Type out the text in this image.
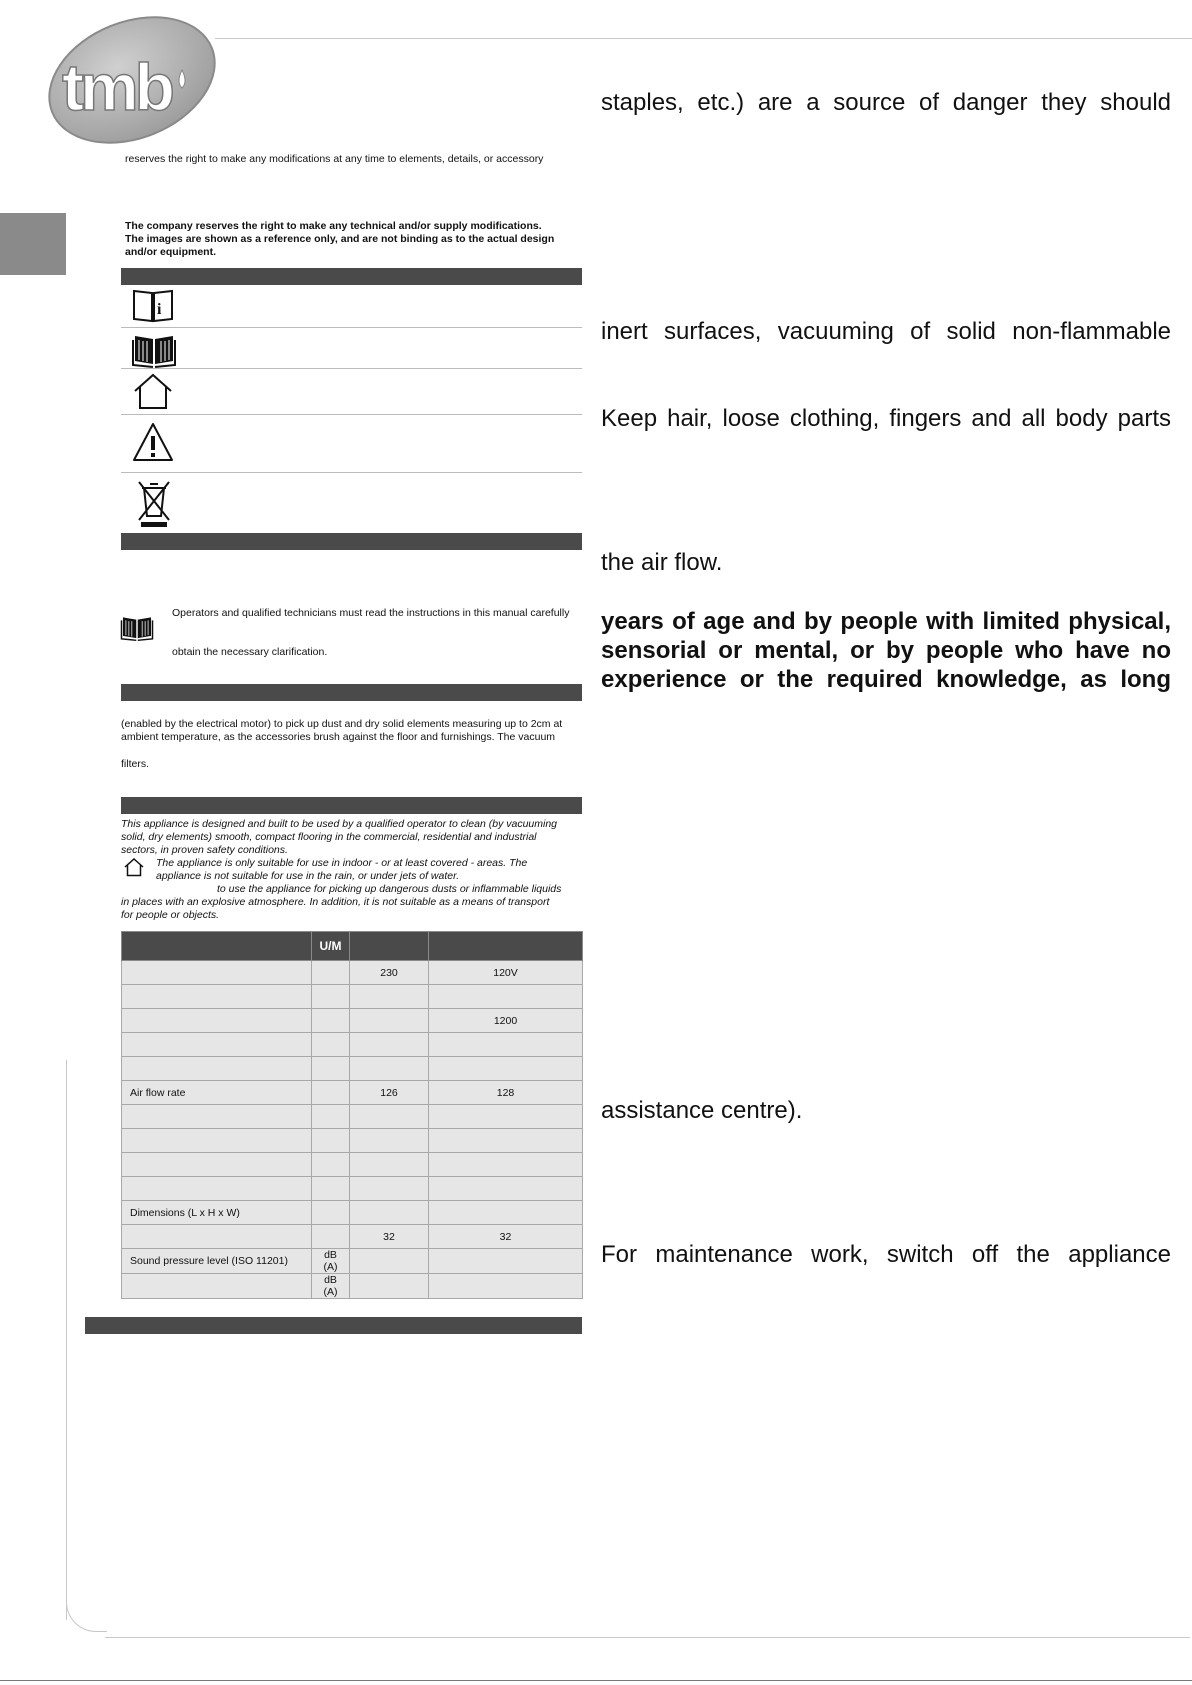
tmb
reserves the right to make any modifications at any time to elements, details, or accessory
The company reserves the right to make any technical and/or supply modifications.
The images are shown as a reference only, and are not binding as to the actual design
and/or equipment.
i
Operators and qualified technicians must read the instructions in this manual carefully
obtain the necessary clarification.
(enabled by the electrical motor) to pick up dust and dry solid elements measuring up to 2cm at
ambient temperature, as the accessories brush against the floor and furnishings. The vacuum
filters.
This appliance is designed and built to be used by a qualified operator to clean (by vacuuming
solid, dry elements) smooth, compact flooring in the commercial, residential and industrial
sectors, in proven safety conditions.
The appliance is only suitable for use in indoor - or at least covered - areas. The
appliance is not suitable for use in the rain, or under jets of water.
to use the appliance for picking up dangerous dusts or inflammable liquids
in places with an explosive atmosphere. In addition, it is not suitable as a means of transport
for people or objects.
	U/M		
		230	120V

			1200

Air flow rate		126	128

Dimensions (L x H x W)			
		32	32
Sound pressure level (ISO 11201)	dB (A)		
	dB (A)		
staples, etc.) are a source of danger they should
inert surfaces, vacuuming of solid non-flammable
Keep hair, loose clothing, fingers and all body parts
the air flow.
years of age and by people with limited physical,
sensorial or mental, or by people who have no
experience or the required knowledge, as long
assistance centre).
For maintenance work, switch off the appliance
